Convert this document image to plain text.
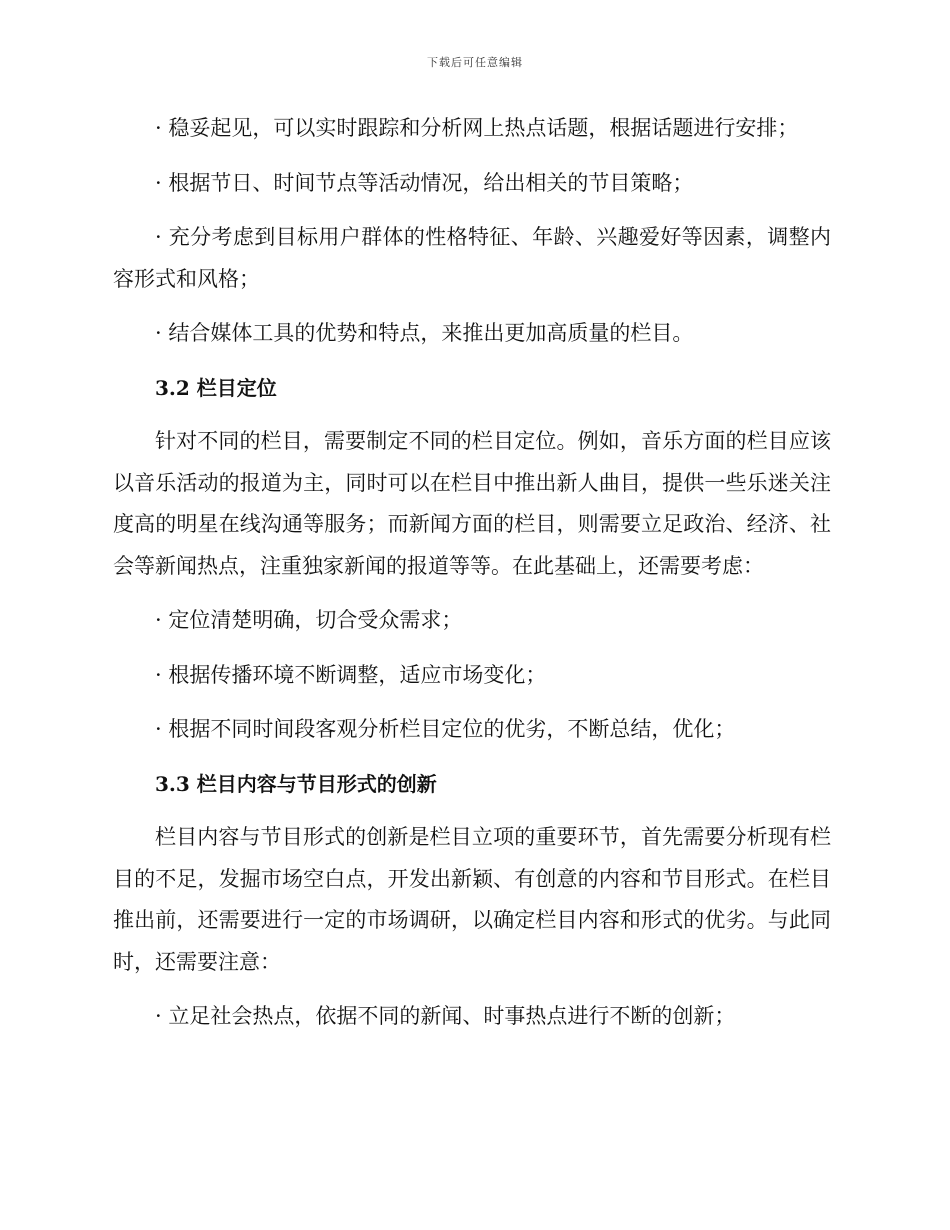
下载后可任意编辑

· 稳妥起见，可以实时跟踪和分析网上热点话题，根据话题进行安排；

· 根据节日、时间节点等活动情况，给出相关的节目策略；

· 充分考虑到目标用户群体的性格特征、年龄、兴趣爱好等因素，调整内容形式和风格；

· 结合媒体工具的优势和特点，来推出更加高质量的栏目。

3.2 栏目定位

针对不同的栏目，需要制定不同的栏目定位。例如，音乐方面的栏目应该以音乐活动的报道为主，同时可以在栏目中推出新人曲目，提供一些乐迷关注度高的明星在线沟通等服务；而新闻方面的栏目，则需要立足政治、经济、社会等新闻热点，注重独家新闻的报道等等。在此基础上，还需要考虑：

· 定位清楚明确，切合受众需求；

· 根据传播环境不断调整，适应市场变化；

· 根据不同时间段客观分析栏目定位的优劣，不断总结，优化；

3.3 栏目内容与节目形式的创新

栏目内容与节目形式的创新是栏目立项的重要环节，首先需要分析现有栏目的不足，发掘市场空白点，开发出新颖、有创意的内容和节目形式。在栏目推出前，还需要进行一定的市场调研，以确定栏目内容和形式的优劣。与此同时，还需要注意：

· 立足社会热点，依据不同的新闻、时事热点进行不断的创新；
